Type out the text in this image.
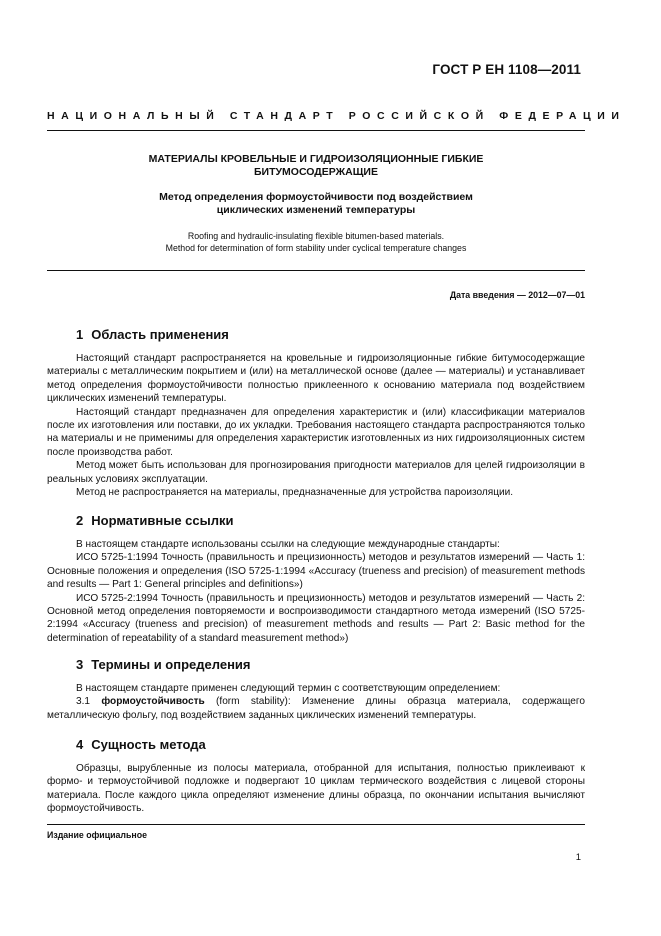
ГОСТ Р ЕН 1108—2011
НАЦИОНАЛЬНЫЙ СТАНДАРТ РОССИЙСКОЙ ФЕДЕРАЦИИ
МАТЕРИАЛЫ КРОВЕЛЬНЫЕ И ГИДРОИЗОЛЯЦИОННЫЕ ГИБКИЕ
БИТУМОСОДЕРЖАЩИЕ
Метод определения формоустойчивости под воздействием
циклических изменений температуры
Roofing and hydraulic-insulating flexible bitumen-based materials.
Method for determination of form stability under cyclical temperature changes
Дата введения — 2012—07—01
1 Область применения

Настоящий стандарт распространяется на кровельные и гидроизоляционные гибкие битумосодержащие материалы с металлическим покрытием и (или) на металлической основе (далее — материалы) и устанавливает метод определения формоустойчивости полностью приклеенного к основанию материала под воздействием циклических изменений температуры.

Настоящий стандарт предназначен для определения характеристик и (или) классификации материалов после их изготовления или поставки, до их укладки. Требования настоящего стандарта распространяются только на материалы и не применимы для определения характеристик изготовленных из них гидроизоляционных систем после производства работ.

Метод может быть использован для прогнозирования пригодности материалов для целей гидроизоляции в реальных условиях эксплуатации.

Метод не распространяется на материалы, предназначенные для устройства пароизоляции.

2 Нормативные ссылки

В настоящем стандарте использованы ссылки на следующие международные стандарты:

ИСО 5725-1:1994 Точность (правильность и прецизионность) методов и результатов измерений — Часть 1: Основные положения и определения (ISO 5725-1:1994 «Accuracy (trueness and precision) of measurement methods and results — Part 1: General principles and definitions»)

ИСО 5725-2:1994 Точность (правильность и прецизионность) методов и результатов измерений — Часть 2: Основной метод определения повторяемости и воспроизводимости стандартного метода измерений (ISO 5725-2:1994 «Accuracy (trueness and precision) of measurement methods and results — Part 2: Basic method for the determination of repeatability of a standard measurement method»)

3 Термины и определения

В настоящем стандарте применен следующий термин с соответствующим определением:

3.1 формоустойчивость (form stability): Изменение длины образца материала, содержащего металлическую фольгу, под воздействием заданных циклических изменений температуры.

4 Сущность метода

Образцы, вырубленные из полосы материала, отобранной для испытания, полностью приклеивают к формо- и термоустойчивой подложке и подвергают 10 циклам термического воздействия с лицевой стороны материала. После каждого цикла определяют изменение длины образца, по окончании испытания вычисляют формоустойчивость.

Издание официальное
1
